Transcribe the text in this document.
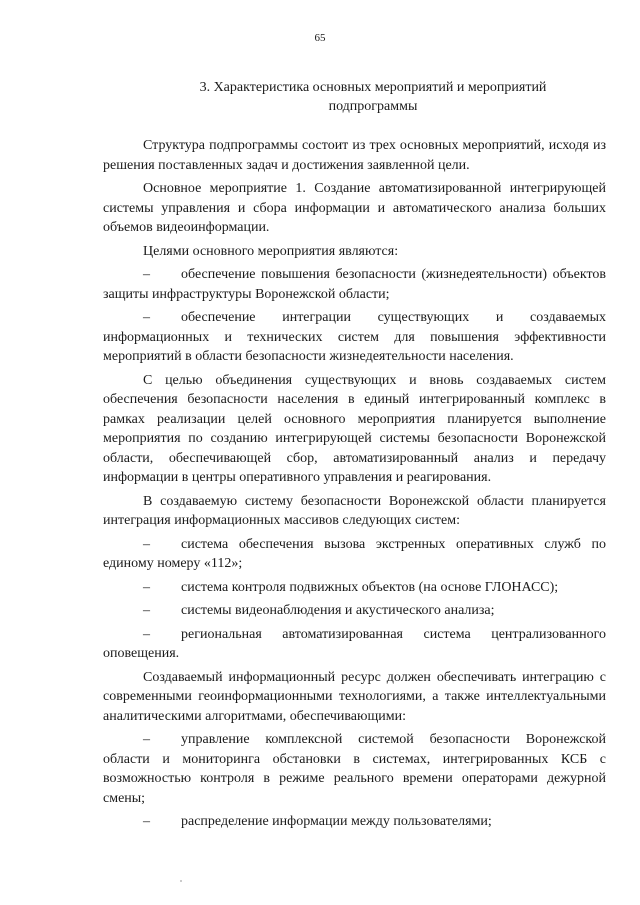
65
3. Характеристика основных мероприятий и мероприятий
подпрограммы

Структура подпрограммы состоит из трех основных мероприятий, исходя из решения поставленных задач и достижения заявленной цели.

Основное мероприятие 1. Создание автоматизированной интегрирующей системы управления и сбора информации и автоматического анализа больших объемов видеоинформации.

Целями основного мероприятия являются:

– обеспечение повышения безопасности (жизнедеятельности) объектов защиты инфраструктуры Воронежской области;

– обеспечение интеграции существующих и создаваемых информационных и технических систем для повышения эффективности мероприятий в области безопасности жизнедеятельности населения.

С целью объединения существующих и вновь создаваемых систем обеспечения безопасности населения в единый интегрированный комплекс в рамках реализации целей основного мероприятия планируется выполнение мероприятия по созданию интегрирующей системы безопасности Воронежской области, обеспечивающей сбор, автоматизированный анализ и передачу информации в центры оперативного управления и реагирования.

В создаваемую систему безопасности Воронежской области планируется интеграция информационных массивов следующих систем:

– система обеспечения вызова экстренных оперативных служб по единому номеру «112»;

– система контроля подвижных объектов (на основе ГЛОНАСС);

– системы видеонаблюдения и акустического анализа;

– региональная автоматизированная система централизованного оповещения.

Создаваемый информационный ресурс должен обеспечивать интеграцию с современными геоинформационными технологиями, а также интеллектуальными аналитическими алгоритмами, обеспечивающими:

– управление комплексной системой безопасности Воронежской области и мониторинга обстановки в системах, интегрированных КСБ с возможностью контроля в режиме реального времени операторами дежурной смены;

– распределение информации между пользователями;
